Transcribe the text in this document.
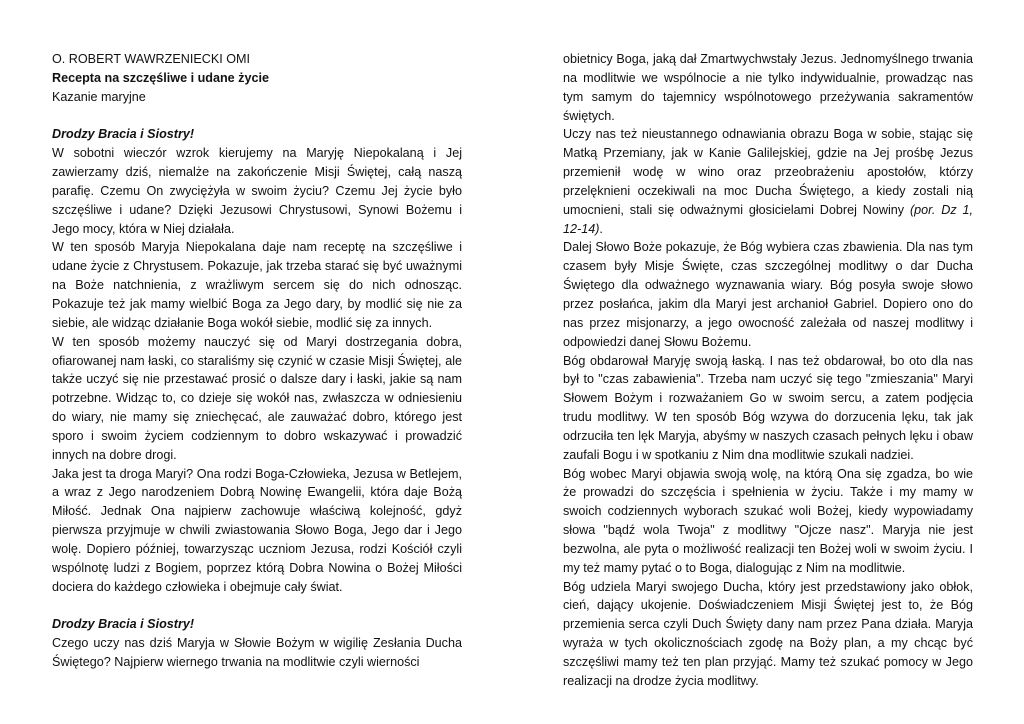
O. ROBERT WAWRZENIECKI OMI

Recepta na szczęśliwe i udane życie

Kazanie maryjne

Drodzy Bracia i Siostry!

W sobotni wieczór wzrok kierujemy na Maryję Niepokalaną i Jej zawierzamy dziś, niemalże na zakończenie Misji Świętej, całą naszą parafię. Czemu On zwyciężyła w swoim życiu? Czemu Jej życie było szczęśliwe i udane? Dzięki Jezusowi Chrystusowi, Synowi Bożemu i Jego mocy, która w Niej działała.

W ten sposób Maryja Niepokalana daje nam receptę na szczęśliwe i udane życie z Chrystusem. Pokazuje, jak trzeba starać się być uważnymi na Boże natchnienia, z wrażliwym sercem się do nich odnosząc. Pokazuje też jak mamy wielbić Boga za Jego dary, by modlić się nie za siebie, ale widząc działanie Boga wokół siebie, modlić się za innych.

W ten sposób możemy nauczyć się od Maryi dostrzegania dobra, ofiarowanej nam łaski, co staraliśmy się czynić w czasie Misji Świętej, ale także uczyć się nie przestawać prosić o dalsze dary i łaski, jakie są nam potrzebne. Widząc to, co dzieje się wokół nas, zwłaszcza w odniesieniu do wiary, nie mamy się zniechęcać, ale zauważać dobro, którego jest sporo i swoim życiem codziennym to dobro wskazywać i prowadzić innych na dobre drogi.

Jaka jest ta droga Maryi? Ona rodzi Boga-Człowieka, Jezusa w Betlejem, a wraz z Jego narodzeniem Dobrą Nowinę Ewangelii, która daje Bożą Miłość. Jednak Ona najpierw zachowuje właściwą kolejność, gdyż pierwsza przyjmuje w chwili zwiastowania Słowo Boga, Jego dar i Jego wolę. Dopiero później, towarzysząc uczniom Jezusa, rodzi Kościół czyli wspólnotę ludzi z Bogiem, poprzez którą Dobra Nowina o Bożej Miłości dociera do każdego człowieka i obejmuje cały świat.

Drodzy Bracia i Siostry!

Czego uczy nas dziś Maryja w Słowie Bożym w wigilię Zesłania Ducha Świętego? Najpierw wiernego trwania na modlitwie czyli wierności

obietnicy Boga, jaką dał Zmartwychwstały Jezus. Jednomyślnego trwania na modlitwie we wspólnocie a nie tylko indywidualnie, prowadząc nas tym samym do tajemnicy wspólnotowego przeżywania sakramentów świętych.

Uczy nas też nieustannego odnawiania obrazu Boga w sobie, stając się Matką Przemiany, jak w Kanie Galilejskiej, gdzie na Jej prośbę Jezus przemienił wodę w wino oraz przeobrażeniu apostołów, którzy przelęknieni oczekiwali na moc Ducha Świętego, a kiedy zostali nią umocnieni, stali się odważnymi głosicielami Dobrej Nowiny (por. Dz 1, 12-14).

Dalej Słowo Boże pokazuje, że Bóg wybiera czas zbawienia. Dla nas tym czasem były Misje Święte, czas szczególnej modlitwy o dar Ducha Świętego dla odważnego wyznawania wiary. Bóg posyła swoje słowo przez posłańca, jakim dla Maryi jest archanioł Gabriel. Dopiero ono do nas przez misjonarzy, a jego owocność zależała od naszej modlitwy i odpowiedzi danej Słowu Bożemu.

Bóg obdarował Maryję swoją łaską. I nas też obdarował, bo oto dla nas był to "czas zabawienia". Trzeba nam uczyć się tego "zmieszania" Maryi Słowem Bożym i rozważaniem Go w swoim sercu, a zatem podjęcia trudu modlitwy. W ten sposób Bóg wzywa do dorzucenia lęku, tak jak odrzuciła ten lęk Maryja, abyśmy w naszych czasach pełnych lęku i obaw zaufali Bogu i w spotkaniu z Nim dna modlitwie szukali nadziei.

Bóg wobec Maryi objawia swoją wolę, na którą Ona się zgadza, bo wie że prowadzi do szczęścia i spełnienia w życiu. Także i my mamy w swoich codziennych wyborach szukać woli Bożej, kiedy wypowiadamy słowa "bądź wola Twoja" z modlitwy "Ojcze nasz". Maryja nie jest bezwolna, ale pyta o możliwość realizacji ten Bożej woli w swoim życiu. I my też mamy pytać o to Boga, dialogując z Nim na modlitwie.

Bóg udziela Maryi swojego Ducha, który jest przedstawiony jako obłok, cień, dający ukojenie. Doświadczeniem Misji Świętej jest to, że Bóg przemienia serca czyli Duch Święty dany nam przez Pana działa. Maryja wyraża w tych okolicznościach zgodę na Boży plan, a my chcąc być szczęśliwi mamy też ten plan przyjąć. Mamy też szukać pomocy w Jego realizacji na drodze życia modlitwy.
